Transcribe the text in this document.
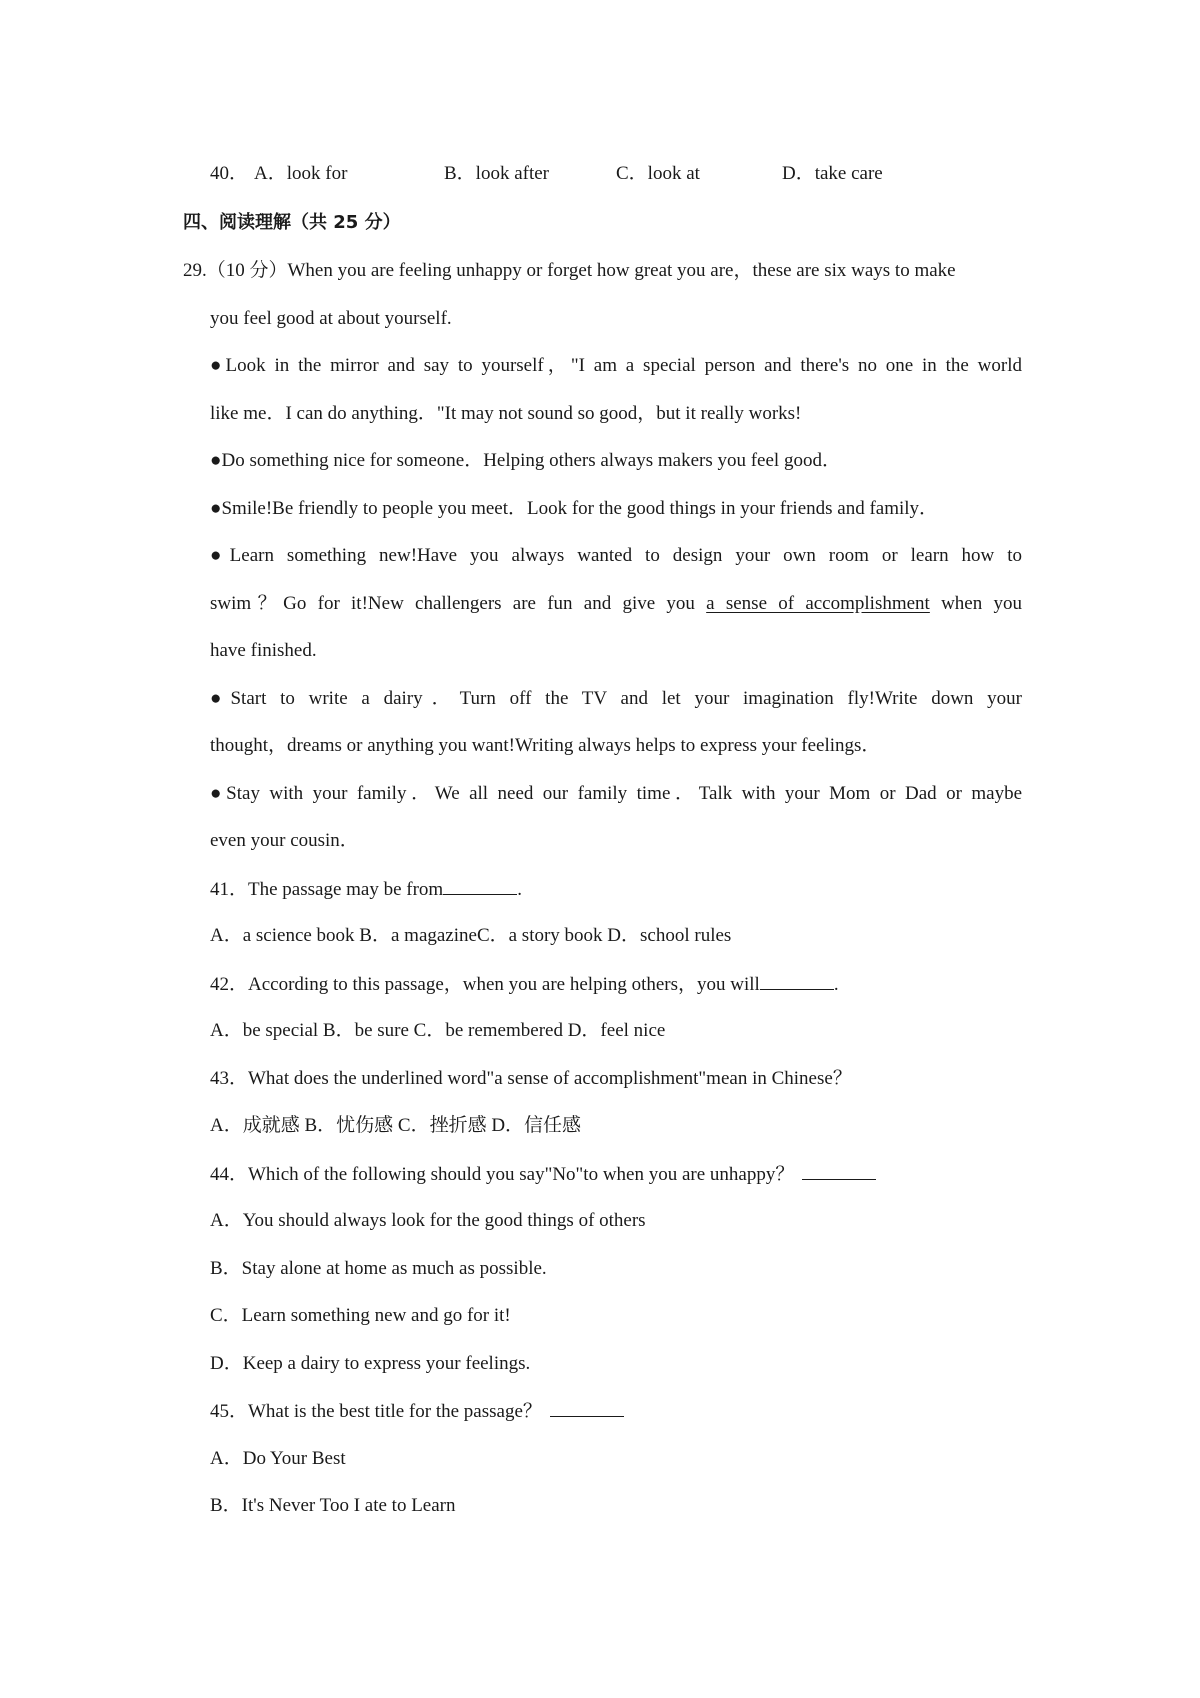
40． A．look for	B．look after	C．look at	D．take care
四、阅读理解（共 25 分）
29.（10 分）When you are feeling unhappy or forget how great you are，these are six ways to make
you feel good at about yourself.
●Look in the mirror and say to yourself，"I am a special person and there's no one in the world
like me．I can do anything．"It may not sound so good，but it really works!
●Do something nice for someone．Helping others always makers you feel good．
●Smile!Be friendly to people you meet．Look for the good things in your friends and family．
●Learn something new!Have you always wanted to design your own room or learn how to
swim？Go for it!New challengers are fun and give you a sense of accomplishment when you
have finished.
●Start to write a dairy．Turn off the TV and let your imagination fly!Write down your
thought，dreams or anything you want!Writing always helps to express your feelings．
●Stay with your family．We all need our family time．Talk with your Mom or Dad or maybe
even your cousin．
41．The passage may be from	.
A．a science book B．a magazineC．a story book D．school rules
42．According to this passage，when you are helping others，you will	.
A．be special B．be sure C．be remembered D．feel nice
43．What does the underlined word"a sense of accomplishment"mean in Chinese？
A．成就感 B．忧伤感 C．挫折感 D．信任感
44．Which of the following should you say"No"to when you are unhappy？
A．You should always look for the good things of others
B．Stay alone at home as much as possible.
C．Learn something new and go for it!
D．Keep a dairy to express your feelings.
45．What is the best title for the passage？
A．Do Your Best
B．It's Never Too I ate to Learn
